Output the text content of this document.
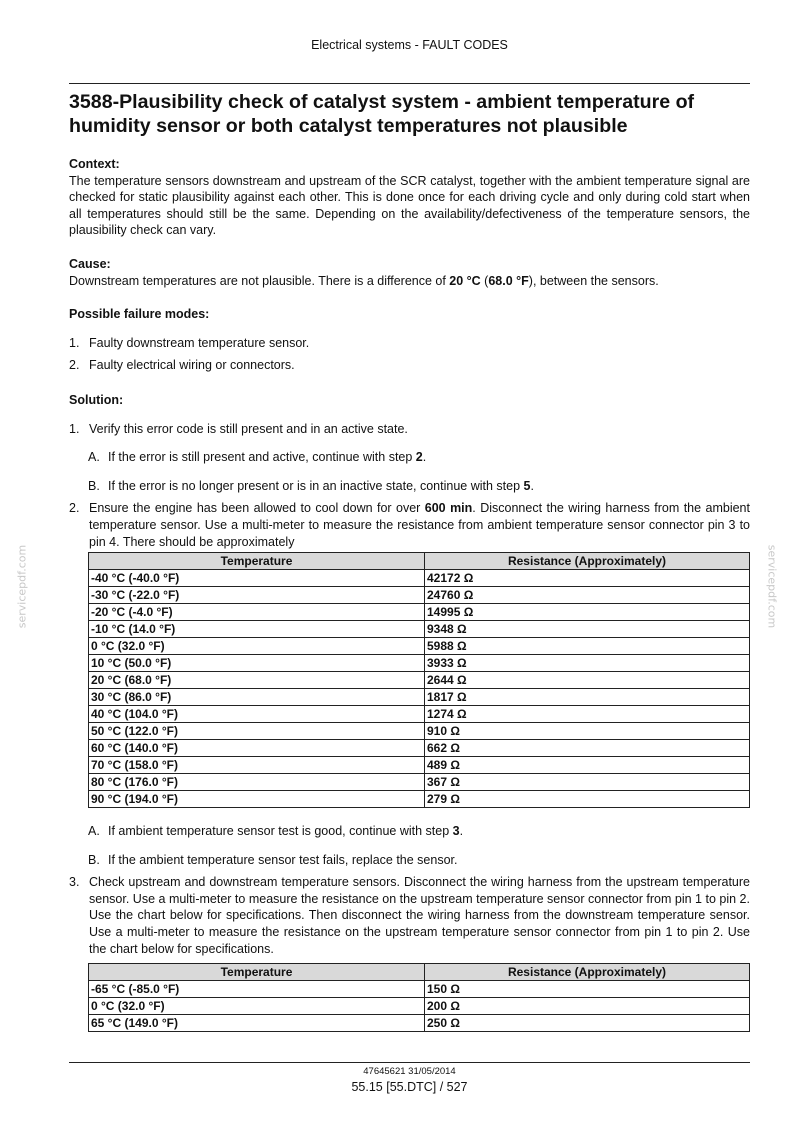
servicepdf.com	servicepdf.com
Electrical systems - FAULT CODES
3588-Plausibility check of catalyst system - ambient temperature of humidity sensor or both catalyst temperatures not plausible

Context:

The temperature sensors downstream and upstream of the SCR catalyst, together with the ambient temperature signal are checked for static plausibility against each other. This is done once for each driving cycle and only during cold start when all temperatures should still be the same. Depending on the availability/defectiveness of the temperature sensors, the plausibility check can vary.

Cause:

Downstream temperatures are not plausible. There is a difference of 20 °C (68.0 °F), between the sensors.

Possible failure modes:

1. Faulty downstream temperature sensor.
2. Faulty electrical wiring or connectors.

Solution:

1. Verify this error code is still present and in an active state.
A. If the error is still present and active, continue with step 2.
B. If the error is no longer present or is in an inactive state, continue with step 5.
2. Ensure the engine has been allowed to cool down for over 600 min. Disconnect the wiring harness from the ambient temperature sensor. Use a multi-meter to measure the resistance from ambient temperature sensor connector pin 3 to pin 4. There should be approximately
Temperature	Resistance (Approximately)
-40 °C (-40.0 °F)	42172 Ω
-30 °C (-22.0 °F)	24760 Ω
-20 °C (-4.0 °F)	14995 Ω
-10 °C (14.0 °F)	9348 Ω
0 °C (32.0 °F)	5988 Ω
10 °C (50.0 °F)	3933 Ω
20 °C (68.0 °F)	2644 Ω
30 °C (86.0 °F)	1817 Ω
40 °C (104.0 °F)	1274 Ω
50 °C (122.0 °F)	910 Ω
60 °C (140.0 °F)	662 Ω
70 °C (158.0 °F)	489 Ω
80 °C (176.0 °F)	367 Ω
90 °C (194.0 °F)	279 Ω
A. If ambient temperature sensor test is good, continue with step 3.
B. If the ambient temperature sensor test fails, replace the sensor.
3. Check upstream and downstream temperature sensors. Disconnect the wiring harness from the upstream temperature sensor. Use a multi-meter to measure the resistance on the upstream temperature sensor connector from pin 1 to pin 2. Use the chart below for specifications. Then disconnect the wiring harness from the downstream temperature sensor. Use a multi-meter to measure the resistance on the upstream temperature sensor connector from pin 1 to pin 2. Use the chart below for specifications.
Temperature	Resistance (Approximately)
-65 °C (-85.0 °F)	150 Ω
0 °C (32.0 °F)	200 Ω
65 °C (149.0 °F)	250 Ω
47645621 31/05/2014
55.15 [55.DTC] / 527
